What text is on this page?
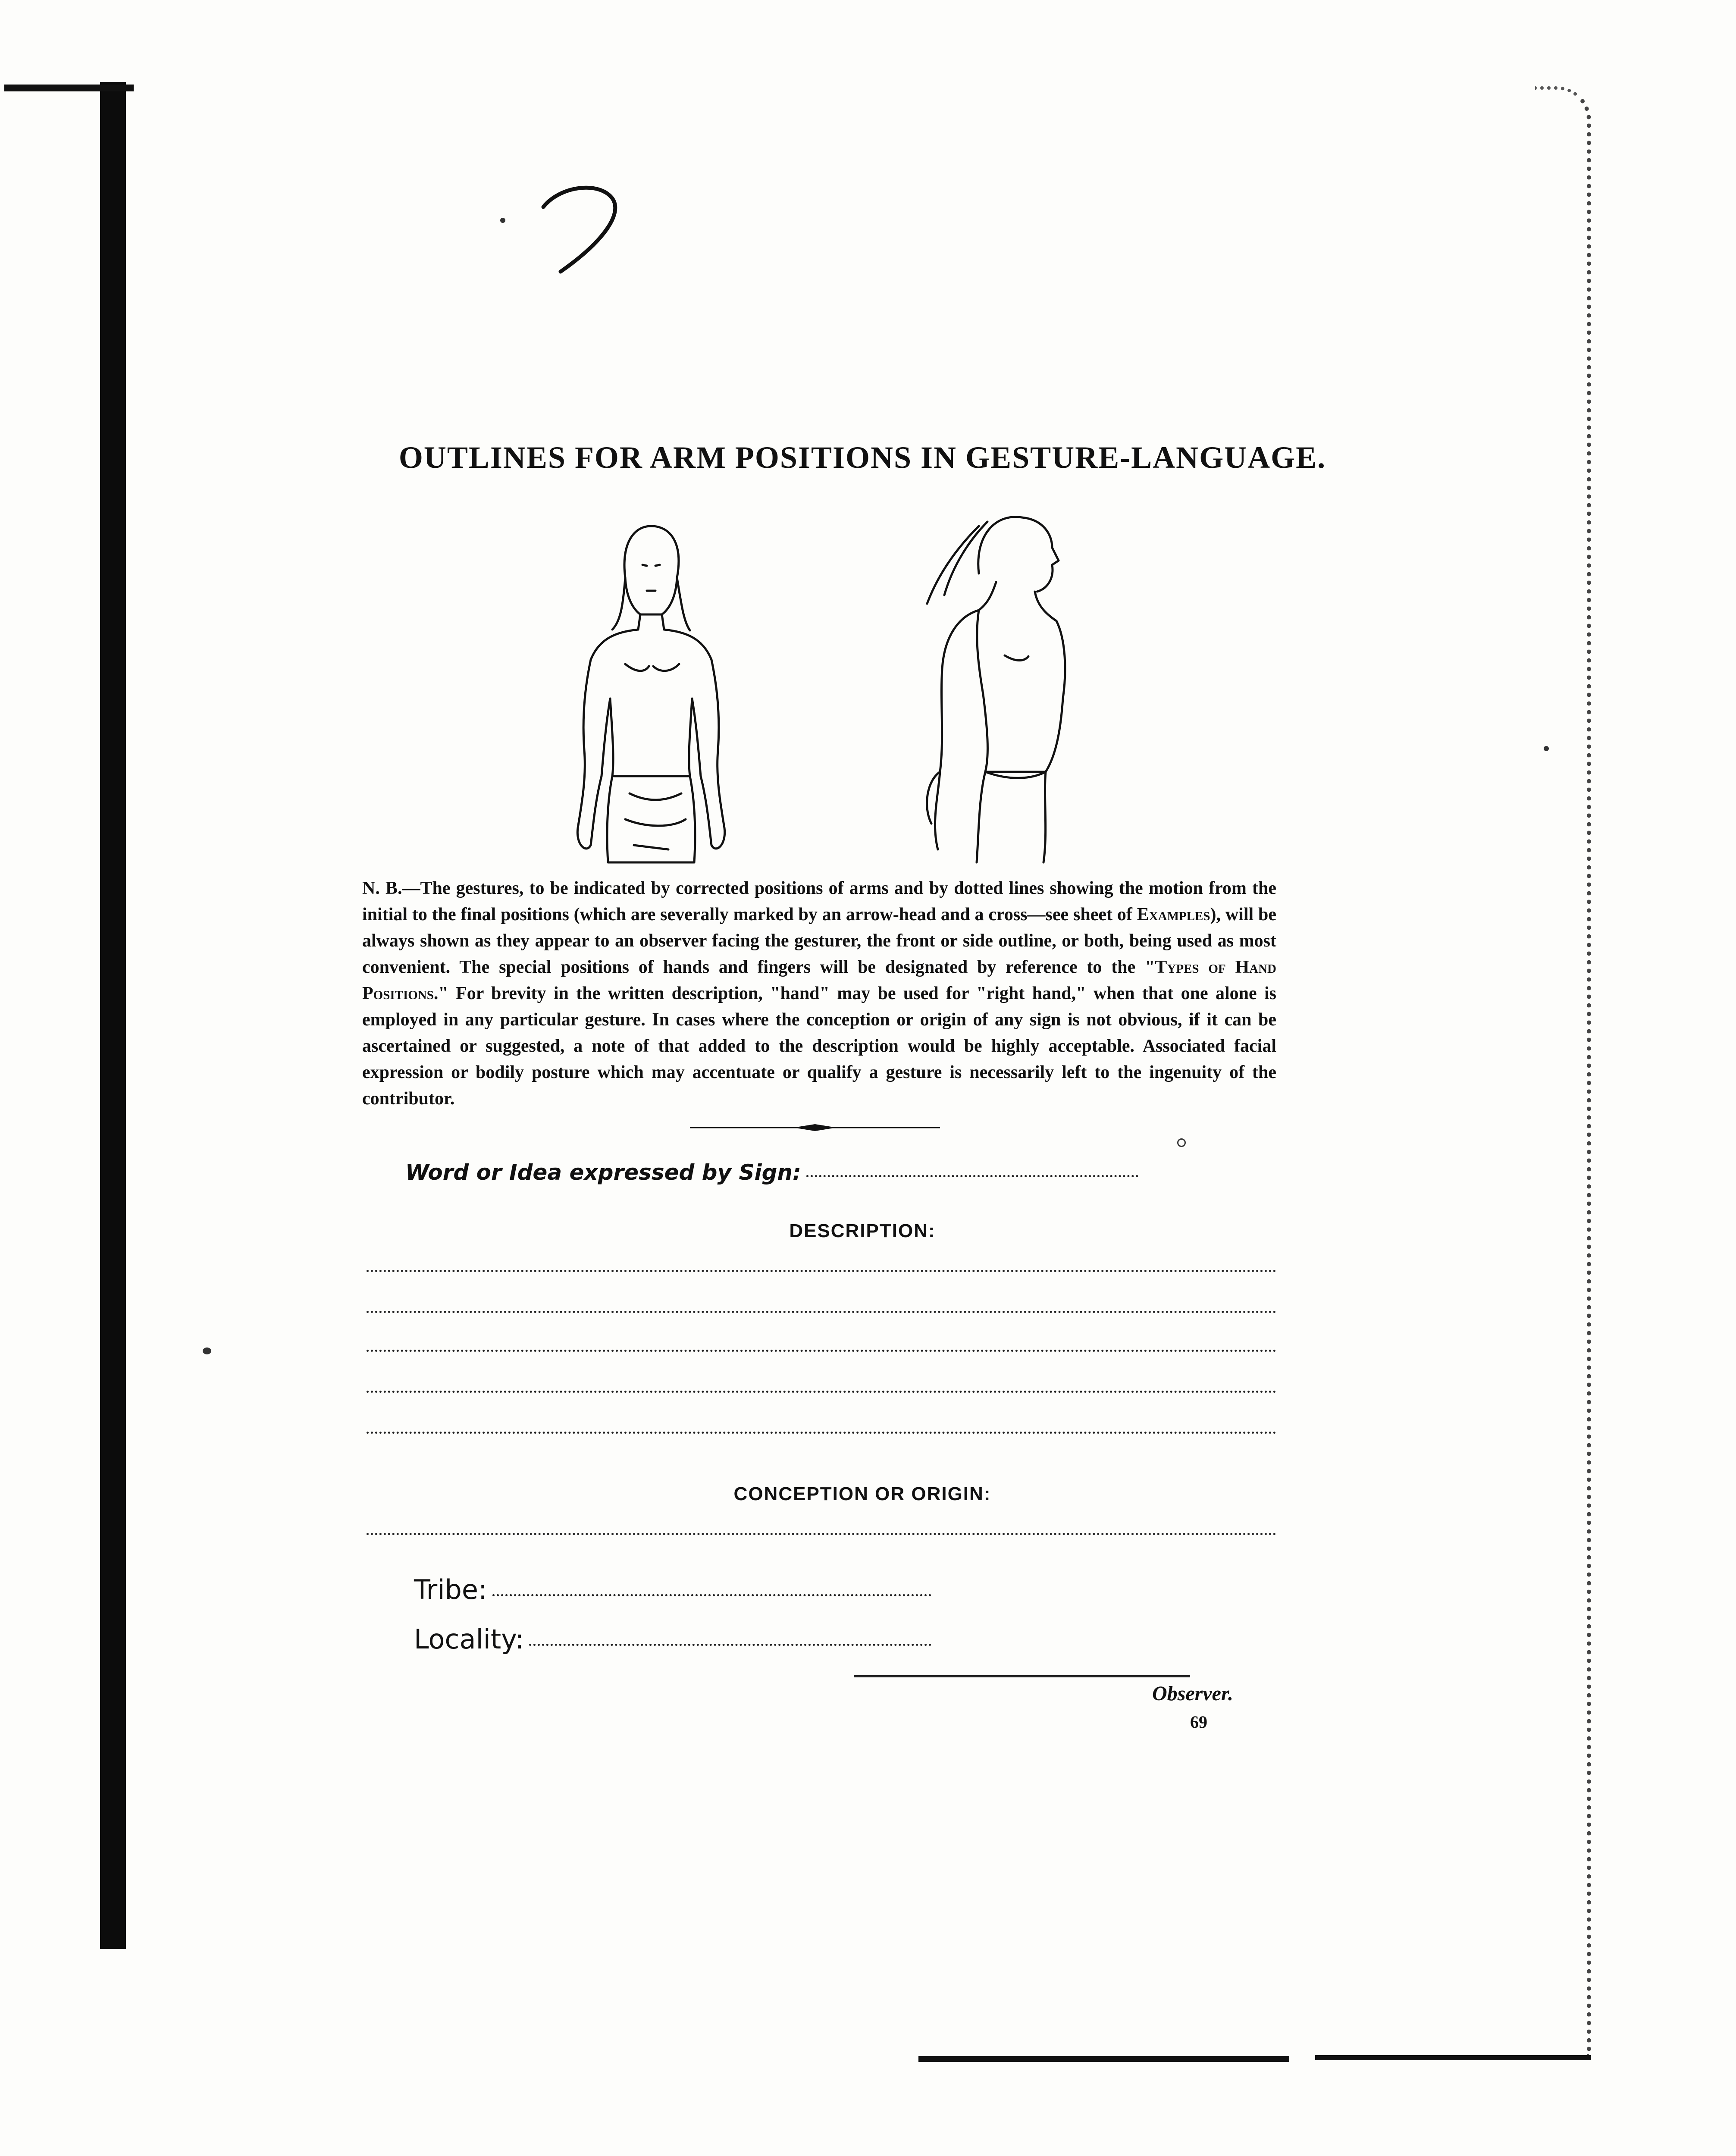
7
OUTLINES FOR ARM POSITIONS IN GESTURE-LANGUAGE.
N. B.—The gestures, to be indicated by corrected positions of arms and by dotted lines showing the motion from the initial to the final positions (which are severally marked by an arrow-head and a cross—see sheet of Examples), will be always shown as they appear to an observer facing the gesturer, the front or side outline, or both, being used as most convenient. The special positions of hands and fingers will be designated by reference to the "Types of Hand Positions." For brevity in the written description, "hand" may be used for "right hand," when that one alone is employed in any particular gesture. In cases where the conception or origin of any sign is not obvious, if it can be ascertained or suggested, a note of that added to the description would be highly acceptable. Associated facial expression or bodily posture which may accentuate or qualify a gesture is necessarily left to the ingenuity of the contributor.
Word or Idea expressed by Sign:
DESCRIPTION:
CONCEPTION OR ORIGIN:
Tribe:
Locality:
Observer.
69
